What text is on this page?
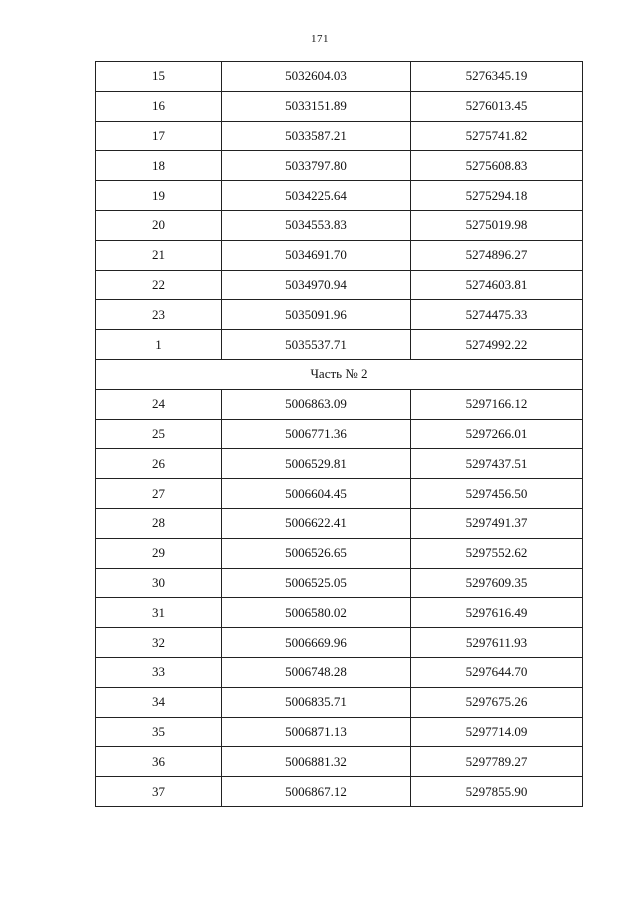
171
15	5032604.03	5276345.19
16	5033151.89	5276013.45
17	5033587.21	5275741.82
18	5033797.80	5275608.83
19	5034225.64	5275294.18
20	5034553.83	5275019.98
21	5034691.70	5274896.27
22	5034970.94	5274603.81
23	5035091.96	5274475.33
1	5035537.71	5274992.22
Часть № 2		
24	5006863.09	5297166.12
25	5006771.36	5297266.01
26	5006529.81	5297437.51
27	5006604.45	5297456.50
28	5006622.41	5297491.37
29	5006526.65	5297552.62
30	5006525.05	5297609.35
31	5006580.02	5297616.49
32	5006669.96	5297611.93
33	5006748.28	5297644.70
34	5006835.71	5297675.26
35	5006871.13	5297714.09
36	5006881.32	5297789.27
37	5006867.12	5297855.90
